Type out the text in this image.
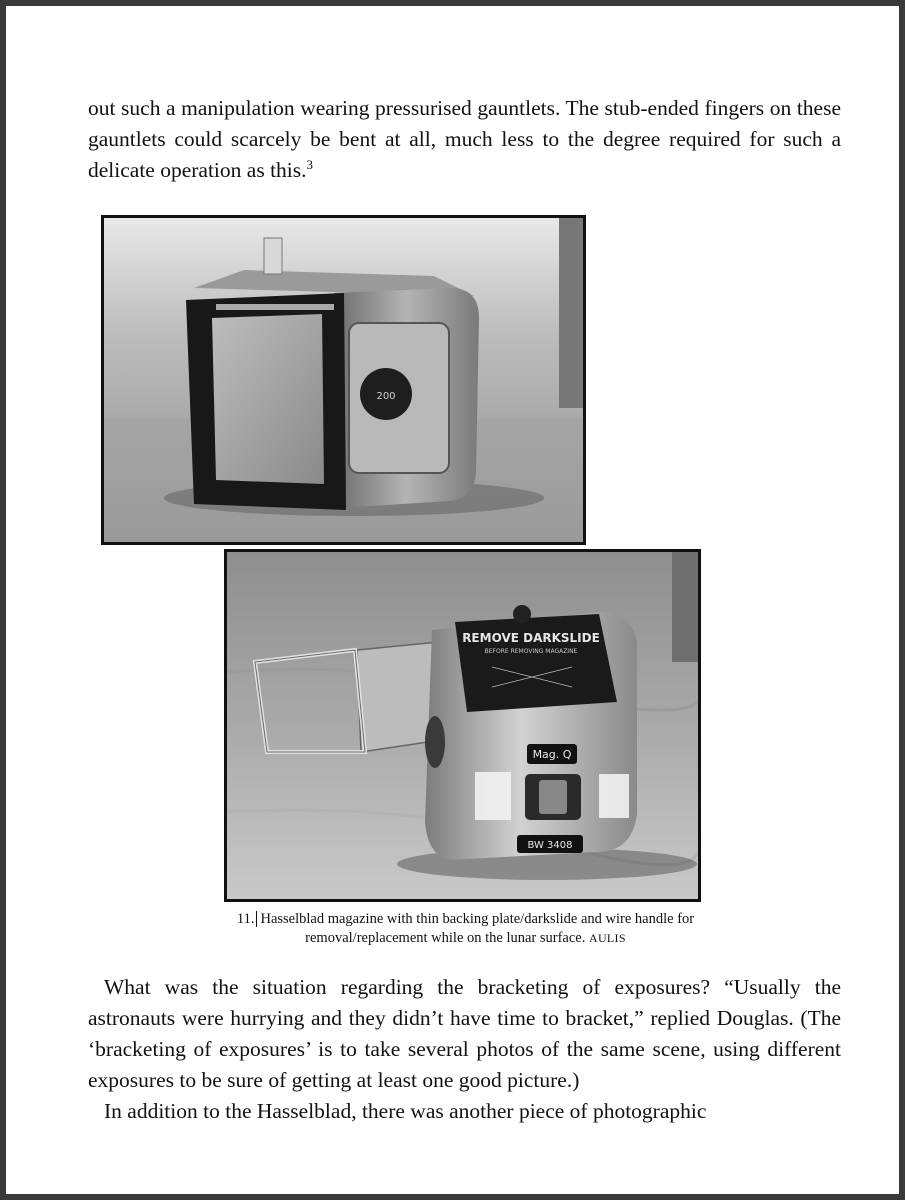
out such a manipulation wearing pressurised gauntlets. The stub-ended fingers on these gauntlets could scarcely be bent at all, much less to the degree required for such a delicate operation as this.$^3$
200
REMOVE DARKSLIDE
BEFORE REMOVING MAGAZINE
Mag. Q
BW 3408
11. Hasselblad magazine with thin backing plate/darkslide and wire handle for removal/replacement while on the lunar surface. AULIS

What was the situation regarding the bracketing of exposures? “Usually the astronauts were hurrying and they didn’t have time to bracket,” replied Douglas. (The ‘bracketing of exposures’ is to take several photos of the same scene, using different exposures to be sure of getting at least one good picture.)

In addition to the Hasselblad, there was another piece of photographic
